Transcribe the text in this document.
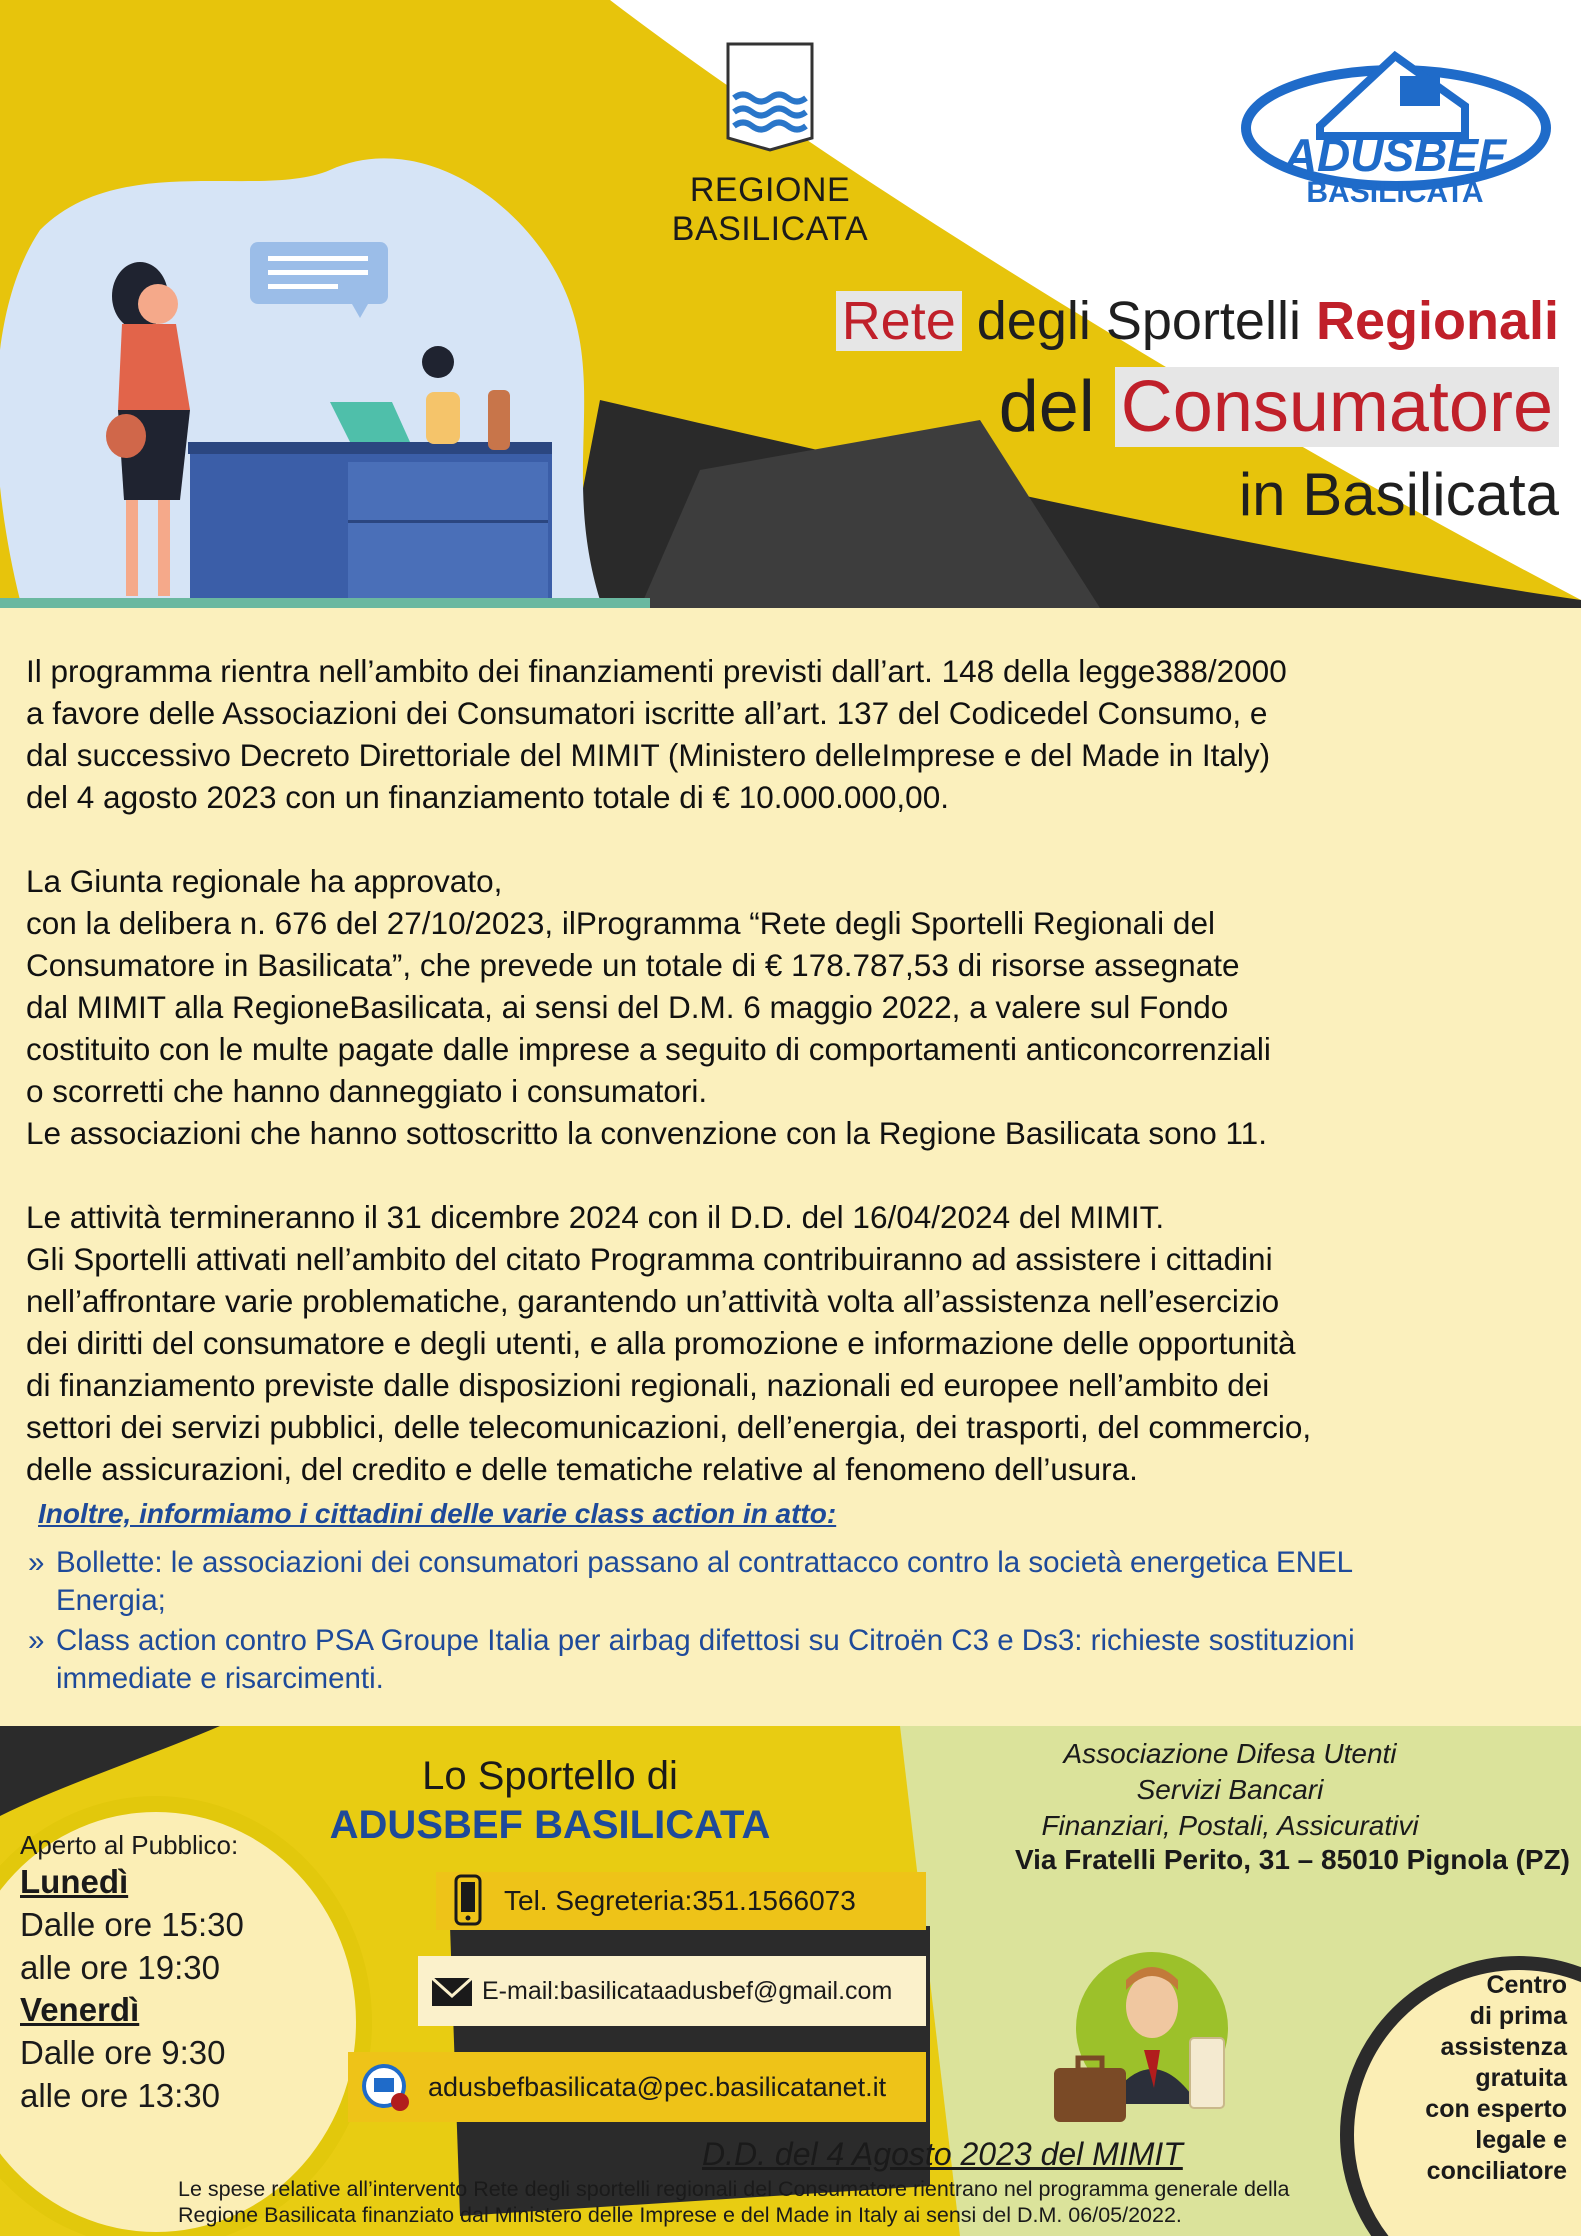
REGIONE BASILICATA
ADUSBEF
BASILICATA
Rete degli Sportelli Regionali
del Consumatore
in Basilicata

Il programma rientra nell’ambito dei finanziamenti previsti dall’art. 148 della legge388/2000
a favore delle Associazioni dei Consumatori iscritte all’art. 137 del Codicedel Consumo, e
dal successivo Decreto Direttoriale del MIMIT (Ministero delleImprese e del Made in Italy)
del 4 agosto 2023 con un finanziamento totale di € 10.000.000,00.

La Giunta regionale ha approvato,
con la delibera n. 676 del 27/10/2023, ilProgramma “Rete degli Sportelli Regionali del
Consumatore in Basilicata”, che prevede un totale di € 178.787,53 di risorse assegnate
dal MIMIT alla RegioneBasilicata, ai sensi del D.M. 6 maggio 2022, a valere sul Fondo
costituito con le multe pagate dalle imprese a seguito di comportamenti anticoncorrenziali
o scorretti che hanno danneggiato i consumatori.
Le associazioni che hanno sottoscritto la convenzione con la Regione Basilicata sono 11.

Le attività termineranno il 31 dicembre 2024 con il D.D. del 16/04/2024 del MIMIT.
Gli Sportelli attivati nell’ambito del citato Programma contribuiranno ad assistere i cittadini
nell’affrontare varie problematiche, garantendo un’attività volta all’assistenza nell’esercizio
dei diritti del consumatore e degli utenti, e alla promozione e informazione delle opportunità
di finanziamento previste dalle disposizioni regionali, nazionali ed europee nell’ambito dei
settori dei servizi pubblici, delle telecomunicazioni, dell’energia, dei trasporti, del commercio,
delle assicurazioni, del credito e delle tematiche relative al fenomeno dell’usura.

Inoltre, informiamo i cittadini delle varie class action in atto:
» Bollette: le associazioni dei consumatori passano al contrattacco contro la società energetica ENEL
Energia;
» Class action contro PSA Groupe Italia per airbag difettosi su Citroën C3 e Ds3: richieste sostituzioni
immediate e risarcimenti.
Aperto al Pubblico:
Lunedì
Dalle ore 15:30
alle ore 19:30
Venerdì
Dalle ore 9:30
alle ore 13:30
Lo Sportello di
ADUSBEF BASILICATA
Associazione Difesa Utenti
Servizi Bancari
Finanziari, Postali, Assicurativi
Via Fratelli Perito, 31 – 85010 Pignola (PZ)
Tel. Segreteria:351.1566073
E-mail:basilicataadusbef@gmail.com
adusbefbasilicata@pec.basilicatanet.it
Centro
di prima
assistenza
gratuita
con esperto
legale e
conciliatore
D.D. del 4 Agosto 2023 del MIMIT
Le spese relative all’intervento Rete degli sportelli regionali del Consumatore rientrano nel programma generale della
Regione Basilicata finanziato dal Ministero delle Imprese e del Made in Italy ai sensi del D.M. 06/05/2022.
